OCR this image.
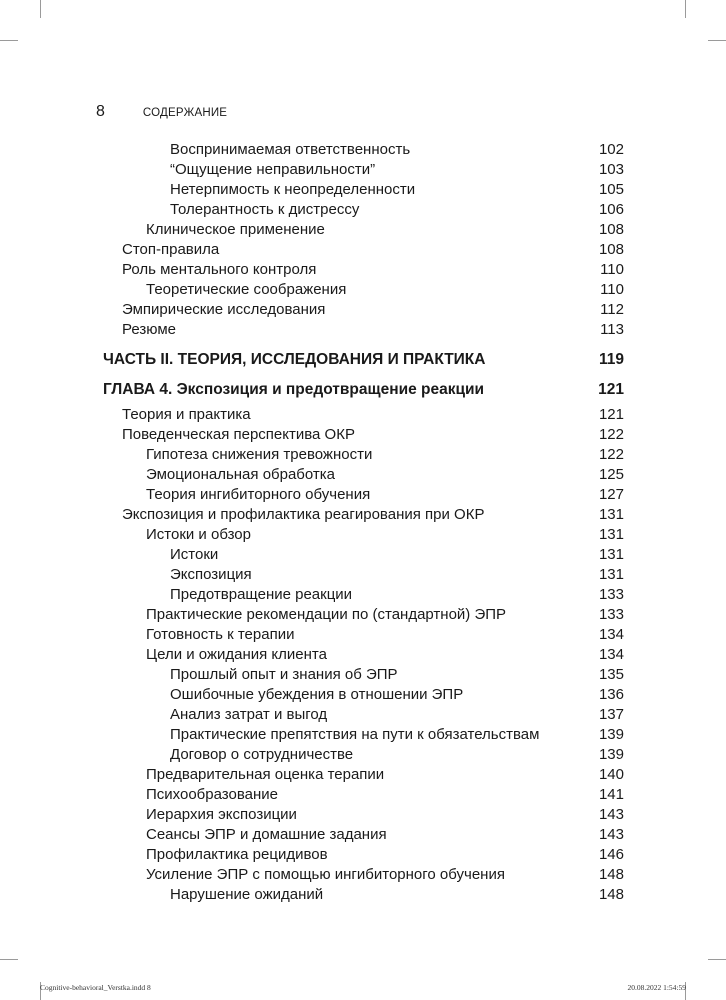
8	СОДЕРЖАНИЕ
Воспринимаемая ответственность	102
“Ощущение неправильности”	103
Нетерпимость к неопределенности	105
Толерантность к дистрессу	106
Клиническое применение	108
Стоп-правила	108
Роль ментального контроля	110
Теоретические соображения	110
Эмпирические исследования	112
Резюме	113
ЧАСТЬ II. ТЕОРИЯ, ИССЛЕДОВАНИЯ И ПРАКТИКА	119
ГЛАВА 4. Экспозиция и предотвращение реакции	121
Теория и практика	121
Поведенческая перспектива ОКР	122
Гипотеза снижения тревожности	122
Эмоциональная обработка	125
Теория ингибиторного обучения	127
Экспозиция и профилактика реагирования при ОКР	131
Истоки и обзор	131
Истоки	131
Экспозиция	131
Предотвращение реакции	133
Практические рекомендации по (стандартной) ЭПР	133
Готовность к терапии	134
Цели и ожидания клиента	134
Прошлый опыт и знания об ЭПР	135
Ошибочные убеждения в отношении ЭПР	136
Анализ затрат и выгод	137
Практические препятствия на пути к обязательствам	139
Договор о сотрудничестве	139
Предварительная оценка терапии	140
Психообразование	141
Иерархия экспозиции	143
Сеансы ЭПР и домашние задания	143
Профилактика рецидивов	146
Усиление ЭПР с помощью ингибиторного обучения	148
Нарушение ожиданий	148
Cognitive-behavioral_Verstka.indd 8	20.08.2022 1:54:59
